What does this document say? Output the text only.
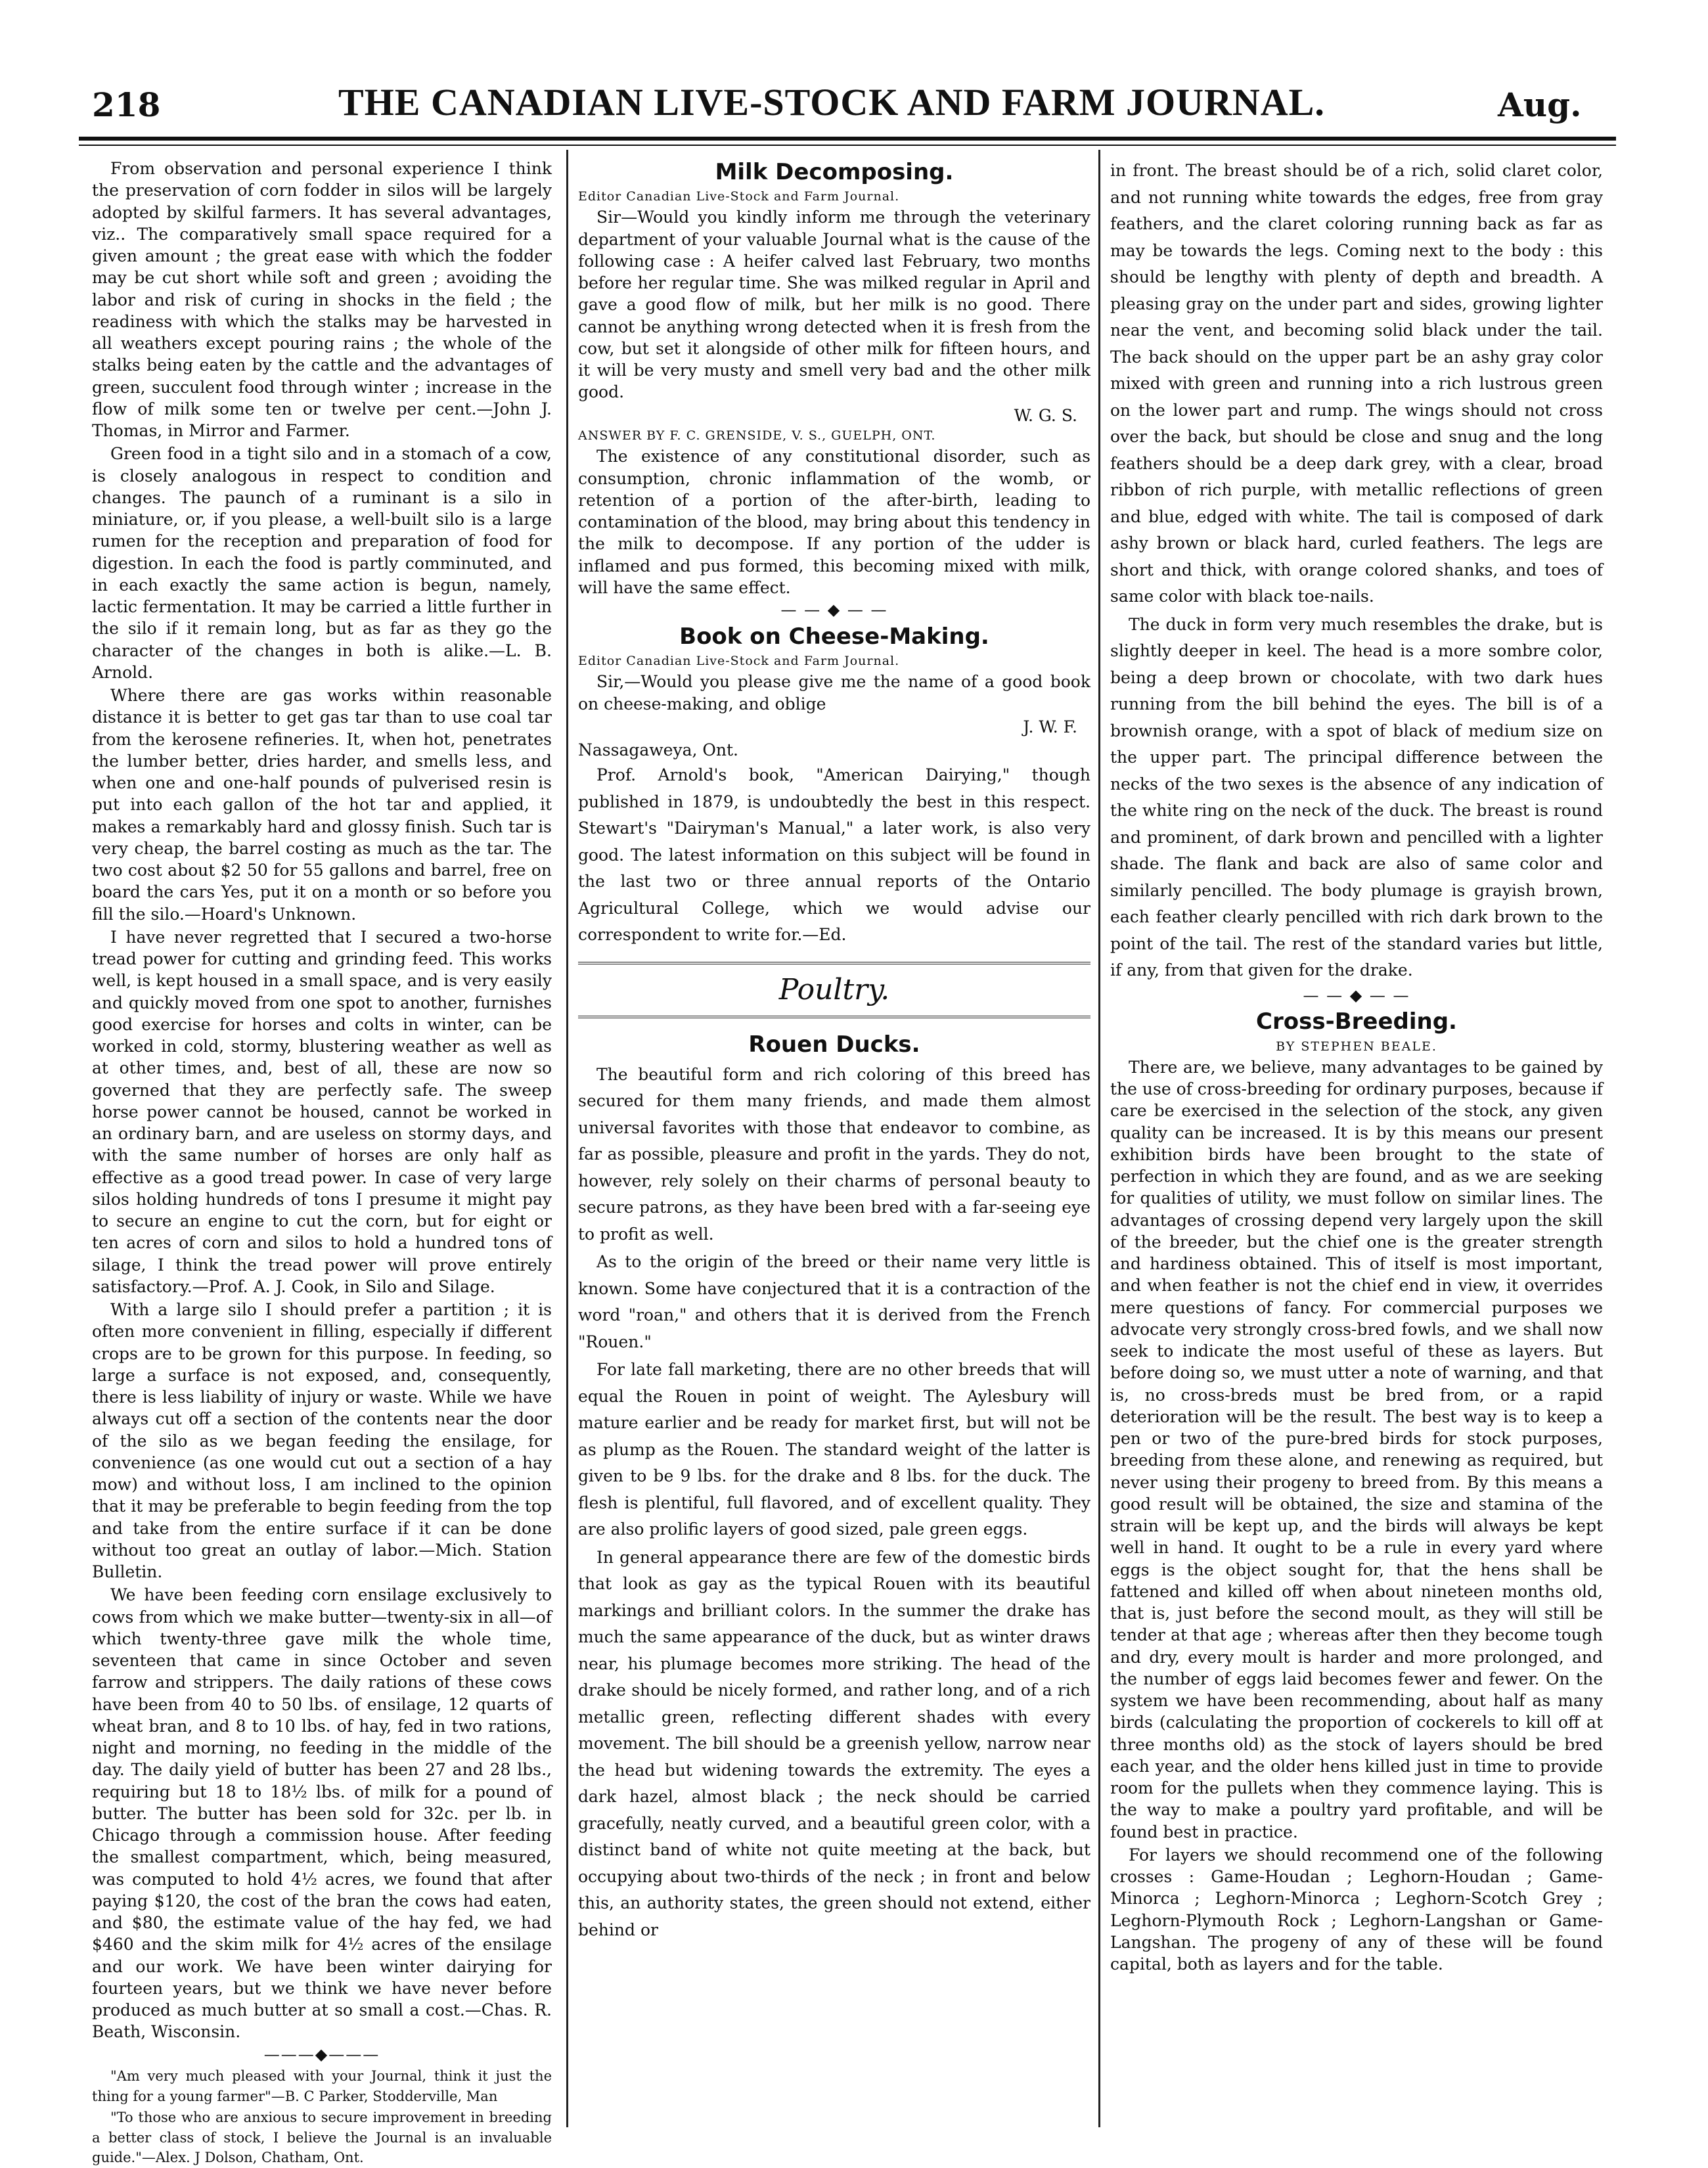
218	THE CANADIAN LIVE-STOCK AND FARM JOURNAL.	Aug.

From observation and personal experience I think the preservation of corn fodder in silos will be largely adopted by skilful farmers. It has several advantages, viz.. The comparatively small space required for a given amount ; the great ease with which the fodder may be cut short while soft and green ; avoiding the labor and risk of curing in shocks in the field ; the readiness with which the stalks may be harvested in all weathers except pouring rains ; the whole of the stalks being eaten by the cattle and the advantages of green, succulent food through winter ; increase in the flow of milk some ten or twelve per cent.—John J. Thomas, in Mirror and Farmer.

Green food in a tight silo and in a stomach of a cow, is closely analogous in respect to condition and changes. The paunch of a ruminant is a silo in miniature, or, if you please, a well-built silo is a large rumen for the reception and preparation of food for digestion. In each the food is partly comminuted, and in each exactly the same action is begun, namely, lactic fermentation. It may be carried a little further in the silo if it remain long, but as far as they go the character of the changes in both is alike.—L. B. Arnold.

Where there are gas works within reasonable distance it is better to get gas tar than to use coal tar from the kerosene refineries. It, when hot, penetrates the lumber better, dries harder, and smells less, and when one and one-half pounds of pulverised resin is put into each gallon of the hot tar and applied, it makes a remarkably hard and glossy finish. Such tar is very cheap, the barrel costing as much as the tar. The two cost about $2 50 for 55 gallons and barrel, free on board the cars Yes, put it on a month or so before you fill the silo.—Hoard's Unknown.

I have never regretted that I secured a two-horse tread power for cutting and grinding feed. This works well, is kept housed in a small space, and is very easily and quickly moved from one spot to another, furnishes good exercise for horses and colts in winter, can be worked in cold, stormy, blustering weather as well as at other times, and, best of all, these are now so governed that they are perfectly safe. The sweep horse power cannot be housed, cannot be worked in an ordinary barn, and are useless on stormy days, and with the same number of horses are only half as effective as a good tread power. In case of very large silos holding hundreds of tons I presume it might pay to secure an engine to cut the corn, but for eight or ten acres of corn and silos to hold a hundred tons of silage, I think the tread power will prove entirely satisfactory.—Prof. A. J. Cook, in Silo and Silage.

With a large silo I should prefer a partition ; it is often more convenient in filling, especially if different crops are to be grown for this purpose. In feeding, so large a surface is not exposed, and, consequently, there is less liability of injury or waste. While we have always cut off a section of the contents near the door of the silo as we began feeding the ensilage, for convenience (as one would cut out a section of a hay mow) and without loss, I am inclined to the opinion that it may be preferable to begin feeding from the top and take from the entire surface if it can be done without too great an outlay of labor.—Mich. Station Bulletin.

We have been feeding corn ensilage exclusively to cows from which we make butter—twenty-six in all—of which twenty-three gave milk the whole time, seventeen that came in since October and seven farrow and strippers. The daily rations of these cows have been from 40 to 50 lbs. of ensilage, 12 quarts of wheat bran, and 8 to 10 lbs. of hay, fed in two rations, night and morning, no feeding in the middle of the day. The daily yield of butter has been 27 and 28 lbs., requiring but 18 to 18½ lbs. of milk for a pound of butter. The butter has been sold for 32c. per lb. in Chicago through a commission house. After feeding the smallest compartment, which, being measured, was computed to hold 4½ acres, we found that after paying $120, the cost of the bran the cows had eaten, and $80, the estimate value of the hay fed, we had $460 and the skim milk for 4½ acres of the ensilage and our work. We have been winter dairying for fourteen years, but we think we have never before produced as much butter at so small a cost.—Chas. R. Beath, Wisconsin.

———◆———

"Am very much pleased with your Journal, think it just the thing for a young farmer"—B. C Parker, Stodderville, Man

"To those who are anxious to secure improvement in breeding a better class of stock, I believe the Journal is an invaluable guide."—Alex. J Dolson, Chatham, Ont.

Milk Decomposing.

Editor Canadian Live-Stock and Farm Journal.

Sir—Would you kindly inform me through the veterinary department of your valuable Journal what is the cause of the following case : A heifer calved last February, two months before her regular time. She was milked regular in April and gave a good flow of milk, but her milk is no good. There cannot be anything wrong detected when it is fresh from the cow, but set it alongside of other milk for fifteen hours, and it will be very musty and smell very bad and the other milk good.

W. G. S.

ANSWER BY F. C. GRENSIDE, V. S., GUELPH, ONT.

The existence of any constitutional disorder, such as consumption, chronic inflammation of the womb, or retention of a portion of the after-birth, leading to contamination of the blood, may bring about this tendency in the milk to decompose. If any portion of the udder is inflamed and pus formed, this becoming mixed with milk, will have the same effect.

— — ◆ — —

Book on Cheese-Making.

Editor Canadian Live-Stock and Farm Journal.

Sir,—Would you please give me the name of a good book on cheese-making, and oblige

J. W. F.

Nassagaweya, Ont.

Prof. Arnold's book, "American Dairying," though published in 1879, is undoubtedly the best in this respect. Stewart's "Dairyman's Manual," a later work, is also very good. The latest information on this subject will be found in the last two or three annual reports of the Ontario Agricultural College, which we would advise our correspondent to write for.—Ed.

Poultry.

Rouen Ducks.

The beautiful form and rich coloring of this breed has secured for them many friends, and made them almost universal favorites with those that endeavor to combine, as far as possible, pleasure and profit in the yards. They do not, however, rely solely on their charms of personal beauty to secure patrons, as they have been bred with a far-seeing eye to profit as well.

As to the origin of the breed or their name very little is known. Some have conjectured that it is a contraction of the word "roan," and others that it is derived from the French "Rouen."

For late fall marketing, there are no other breeds that will equal the Rouen in point of weight. The Aylesbury will mature earlier and be ready for market first, but will not be as plump as the Rouen. The standard weight of the latter is given to be 9 lbs. for the drake and 8 lbs. for the duck. The flesh is plentiful, full flavored, and of excellent quality. They are also prolific layers of good sized, pale green eggs.

In general appearance there are few of the domestic birds that look as gay as the typical Rouen with its beautiful markings and brilliant colors. In the summer the drake has much the same appearance of the duck, but as winter draws near, his plumage becomes more striking. The head of the drake should be nicely formed, and rather long, and of a rich metallic green, reflecting different shades with every movement. The bill should be a greenish yellow, narrow near the head but widening towards the extremity. The eyes a dark hazel, almost black ; the neck should be carried gracefully, neatly curved, and a beautiful green color, with a distinct band of white not quite meeting at the back, but occupying about two-thirds of the neck ; in front and below this, an authority states, the green should not extend, either behind or

in front. The breast should be of a rich, solid claret color, and not running white towards the edges, free from gray feathers, and the claret coloring running back as far as may be towards the legs. Coming next to the body : this should be lengthy with plenty of depth and breadth. A pleasing gray on the under part and sides, growing lighter near the vent, and becoming solid black under the tail. The back should on the upper part be an ashy gray color mixed with green and running into a rich lustrous green on the lower part and rump. The wings should not cross over the back, but should be close and snug and the long feathers should be a deep dark grey, with a clear, broad ribbon of rich purple, with metallic reflections of green and blue, edged with white. The tail is composed of dark ashy brown or black hard, curled feathers. The legs are short and thick, with orange colored shanks, and toes of same color with black toe-nails.

The duck in form very much resembles the drake, but is slightly deeper in keel. The head is a more sombre color, being a deep brown or chocolate, with two dark hues running from the bill behind the eyes. The bill is of a brownish orange, with a spot of black of medium size on the upper part. The principal difference between the necks of the two sexes is the absence of any indication of the white ring on the neck of the duck. The breast is round and prominent, of dark brown and pencilled with a lighter shade. The flank and back are also of same color and similarly pencilled. The body plumage is grayish brown, each feather clearly pencilled with rich dark brown to the point of the tail. The rest of the standard varies but little, if any, from that given for the drake.

— — ◆ — —

Cross-Breeding.

BY STEPHEN BEALE.

There are, we believe, many advantages to be gained by the use of cross-breeding for ordinary purposes, because if care be exercised in the selection of the stock, any given quality can be increased. It is by this means our present exhibition birds have been brought to the state of perfection in which they are found, and as we are seeking for qualities of utility, we must follow on similar lines. The advantages of crossing depend very largely upon the skill of the breeder, but the chief one is the greater strength and hardiness obtained. This of itself is most important, and when feather is not the chief end in view, it overrides mere questions of fancy. For commercial purposes we advocate very strongly cross-bred fowls, and we shall now seek to indicate the most useful of these as layers. But before doing so, we must utter a note of warning, and that is, no cross-breds must be bred from, or a rapid deterioration will be the result. The best way is to keep a pen or two of the pure-bred birds for stock purposes, breeding from these alone, and renewing as required, but never using their progeny to breed from. By this means a good result will be obtained, the size and stamina of the strain will be kept up, and the birds will always be kept well in hand. It ought to be a rule in every yard where eggs is the object sought for, that the hens shall be fattened and killed off when about nineteen months old, that is, just before the second moult, as they will still be tender at that age ; whereas after then they become tough and dry, every moult is harder and more prolonged, and the number of eggs laid becomes fewer and fewer. On the system we have been recommending, about half as many birds (calculating the proportion of cockerels to kill off at three months old) as the stock of layers should be bred each year, and the older hens killed just in time to provide room for the pullets when they commence laying. This is the way to make a poultry yard profitable, and will be found best in practice.

For layers we should recommend one of the following crosses : Game-Houdan ; Leghorn-Houdan ; Game-Minorca ; Leghorn-Minorca ; Leghorn-Scotch Grey ; Leghorn-Plymouth Rock ; Leghorn-Langshan or Game-Langshan. The progeny of any of these will be found capital, both as layers and for the table.
